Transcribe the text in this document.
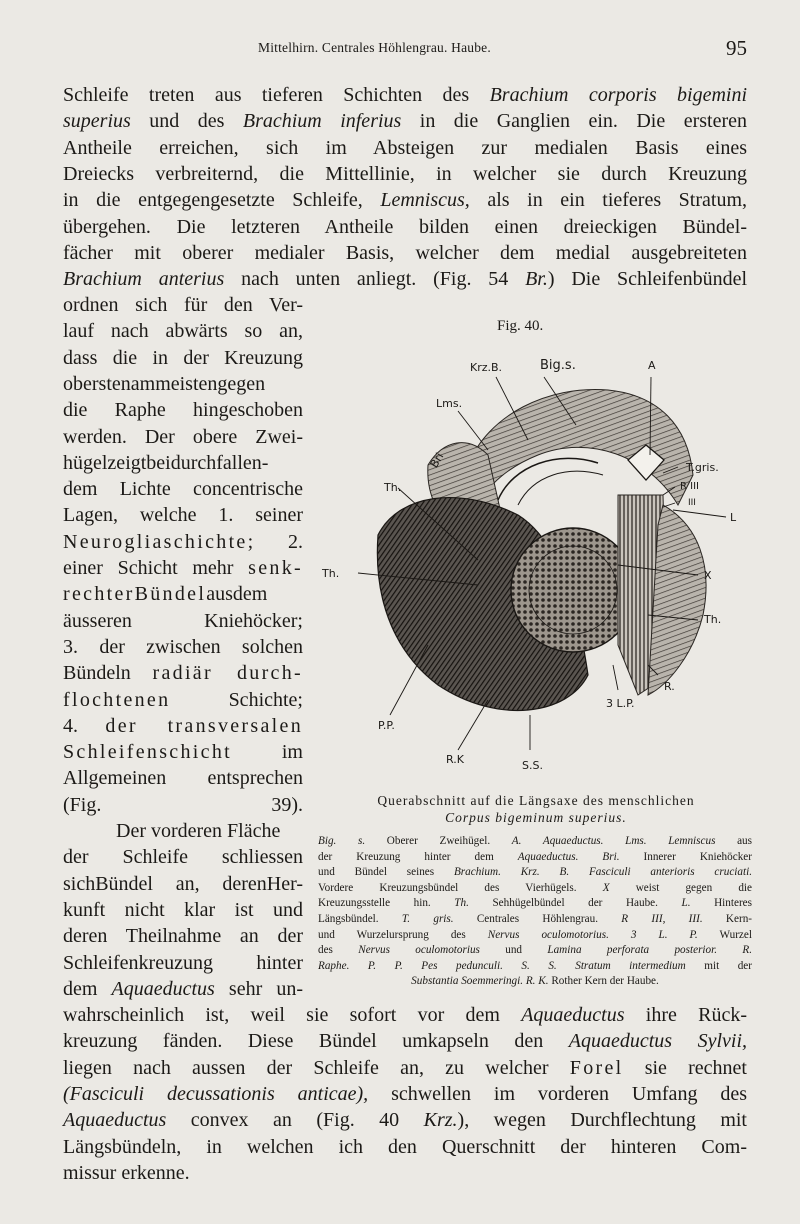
Mittelhirn. Centrales Höhlengrau. Haube.	95
Schleife treten aus tieferen Schichten des Brachium corporis bigemini
superius und des Brachium inferius in die Ganglien ein. Die ersteren
Antheile erreichen, sich im Absteigen zur medialen Basis eines
Dreiecks verbreiternd, die Mittellinie, in welcher sie durch Kreuzung
in die entgegengesetzte Schleife, Lemniscus, als in ein tieferes Stratum,
übergehen. Die letzteren Antheile bilden einen dreieckigen Bündel-
fächer mit oberer medialer Basis, welcher dem medial ausgebreiteten
Brachium anterius nach unten anliegt. (Fig. 54 Br.) Die Schleifenbündel
ordnen sich für den Ver-
lauf nach abwärts so an,
dass die in der Kreuzung
oberstenammeistengegen
die Raphe hingeschoben
werden. Der obere Zwei-
hügelzeigtbeidurchfallen-
dem Lichte concentrische
Lagen, welche 1. seiner
Neurogliaschichte; 2.
einer Schicht mehr senk-
rechterBündelausdem
äusseren Kniehöcker;
3. der zwischen solchen
Bündeln radiär durch-
flochtenen Schichte;
4. der transversalen
Schleifenschicht im
Allgemeinen entsprechen
(Fig. 39).
Der vorderen Fläche
der Schleife schliessen
sichBündel an, derenHer-
kunft nicht klar ist und
deren Theilnahme an der
Schleifenkreuzung hinter
dem Aquaeductus sehr un-
wahrscheinlich ist, weil sie sofort vor dem Aquaeductus ihre Rück-
kreuzung fänden. Diese Bündel umkapseln den Aquaeductus Sylvii,
liegen nach aussen der Schleife an, zu welcher Forel sie rechnet
(Fasciculi decussationis anticae), schwellen im vorderen Umfang des
Aquaeductus convex an (Fig. 40 Krz.), wegen Durchflechtung mit
Längsbündeln, in welchen ich den Querschnitt der hinteren Com-
missur erkenne.
Fig. 40.
Krz.B.	Big.s.	A
Lms.
Bri	T.gris.
R III
III
L
Th.
Th.	X
Th.
R.
3 L.P.
P.P.
R.K	S.S.
Querabschnitt auf die Längsaxe des menschlichen
Corpus bigeminum superius.
Big. s. Oberer Zweihügel. A. Aquaeductus. Lms. Lemniscus aus
der Kreuzung hinter dem Aquaeductus. Bri. Innerer Kniehöcker
und Bündel seines Brachium. Krz. B. Fasciculi anterioris cruciati.
Vordere Kreuzungsbündel des Vierhügels. X weist gegen die
Kreuzungsstelle hin. Th. Sehhügelbündel der Haube. L. Hinteres
Längsbündel. T. gris. Centrales Höhlengrau. R III, III. Kern-
und Wurzelursprung des Nervus oculomotorius. 3 L. P. Wurzel
des Nervus oculomotorius und Lamina perforata posterior. R.
Raphe. P. P. Pes pedunculi. S. S. Stratum intermedium mit der
Substantia Soemmeringi. R. K. Rother Kern der Haube.
